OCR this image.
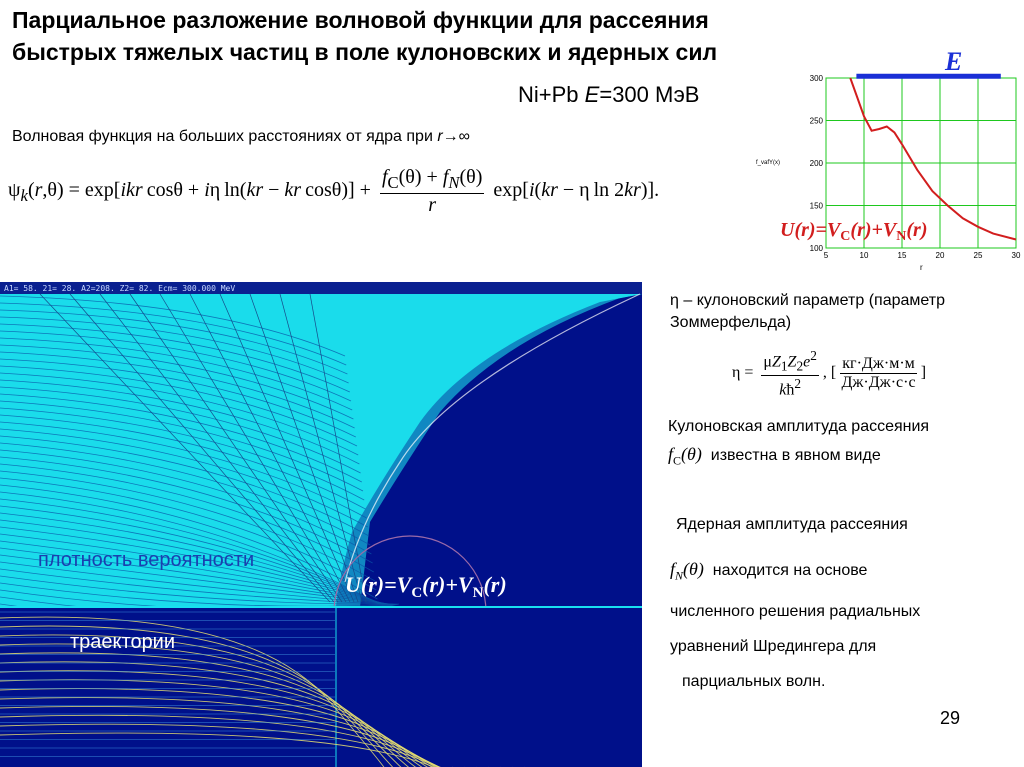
Парциальное разложение волновой функции для рассеяния
быстрых тяжелых частиц в поле кулоновских и ядерных сил
Ni+Pb E=300 МэВ
Волновая функция на больших расстояниях от ядра при r→∞
$\psi_k(r,\theta) = \exp[ikr$ cosθ + iη ln(kr − kr $\cos\theta)] + \frac{f_C(\theta) + f_N(\theta)}{r} \exp[i(kr - \eta$ ln 2kr)].
5	10	15	20	25	30
100
150
200
250
300
E
f_vafY(x)
r
$U(r)=V_C(r)+V_N(r)$
A1= 58. 21= 28. A2=208. Z2= 82. Ecm= 300.000 MeV
плотность вероятности
траектории
$U(r)=V_C(r)+V_N(r)$
η – кулоновский параметр (параметр Зоммерфельда)
$\eta = \frac{\mu Z_1Z_2e^2}{kħ^2}$ , [ $\frac{кг\cdot Дж\cdot м\cdot м}{Дж\cdot Дж\cdot с\cdot с}$ ]
Кулоновская амплитуда рассеяния
$f_C(\theta)$ известна в явном виде
Ядерная амплитуда рассеяния
$f_N(\theta)$ находится на основе
численного решения радиальных
уравнений Шредингера для
парциальных волн.
29
